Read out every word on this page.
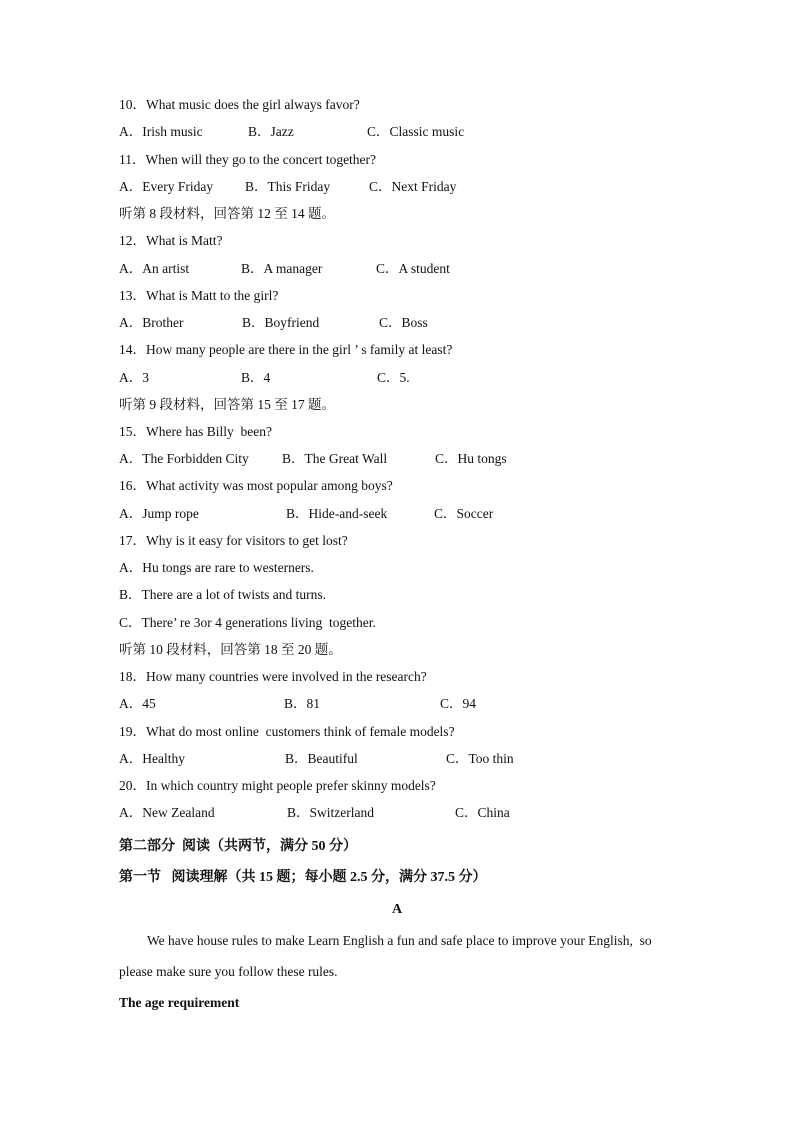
10．What music does the girl always favor?

A．Irish music

	B．Jazz

	C．Classic music

11．When will they go to the concert together?

A．Every Friday

B．This Friday

	C．Next Friday

听第 8 段材料，回答第 12 至 14 题。
12．What is Matt?

A．An artist

	B．A manager

	C．A student

13．What is Matt to the girl?

A．Brother

	B．Boyfriend

	C．Boss

14．How many people are there in the girl ’ s family at least?

A．3

	B．4

	C．5.

听第 9 段材料，回答第 15 至 17 题。
15．Where has Billy  been?

A．The Forbidden City

B．The Great Wall

	C．Hu tongs

16．What activity was most popular among boys?

A．Jump rope

	B．Hide-and-seek

	C．Soccer

17．Why is it easy for visitors to get lost?
A．Hu tongs are rare to westerners.
B．There are a lot of twists and turns.
C．There’ re 3or 4 generations living  together.
听第 10 段材料，回答第 18 至 20 题。
18．How many countries were involved in the research?

A．45

	B．81

	C．94

19．What do most online  customers think of female models?

A．Healthy

	B．Beautiful

	C．Too thin

20．In which country might people prefer skinny models?

A．New Zealand

	B．Switzerland

	C．China

第二部分  阅读（共两节，满分 50 分）
第一节   阅读理解（共 15 题；每小题 2.5 分，满分 37.5 分）
A
We have house rules to make Learn English a fun and safe place to improve your English,  so
please make sure you follow these rules.
The age requirement
